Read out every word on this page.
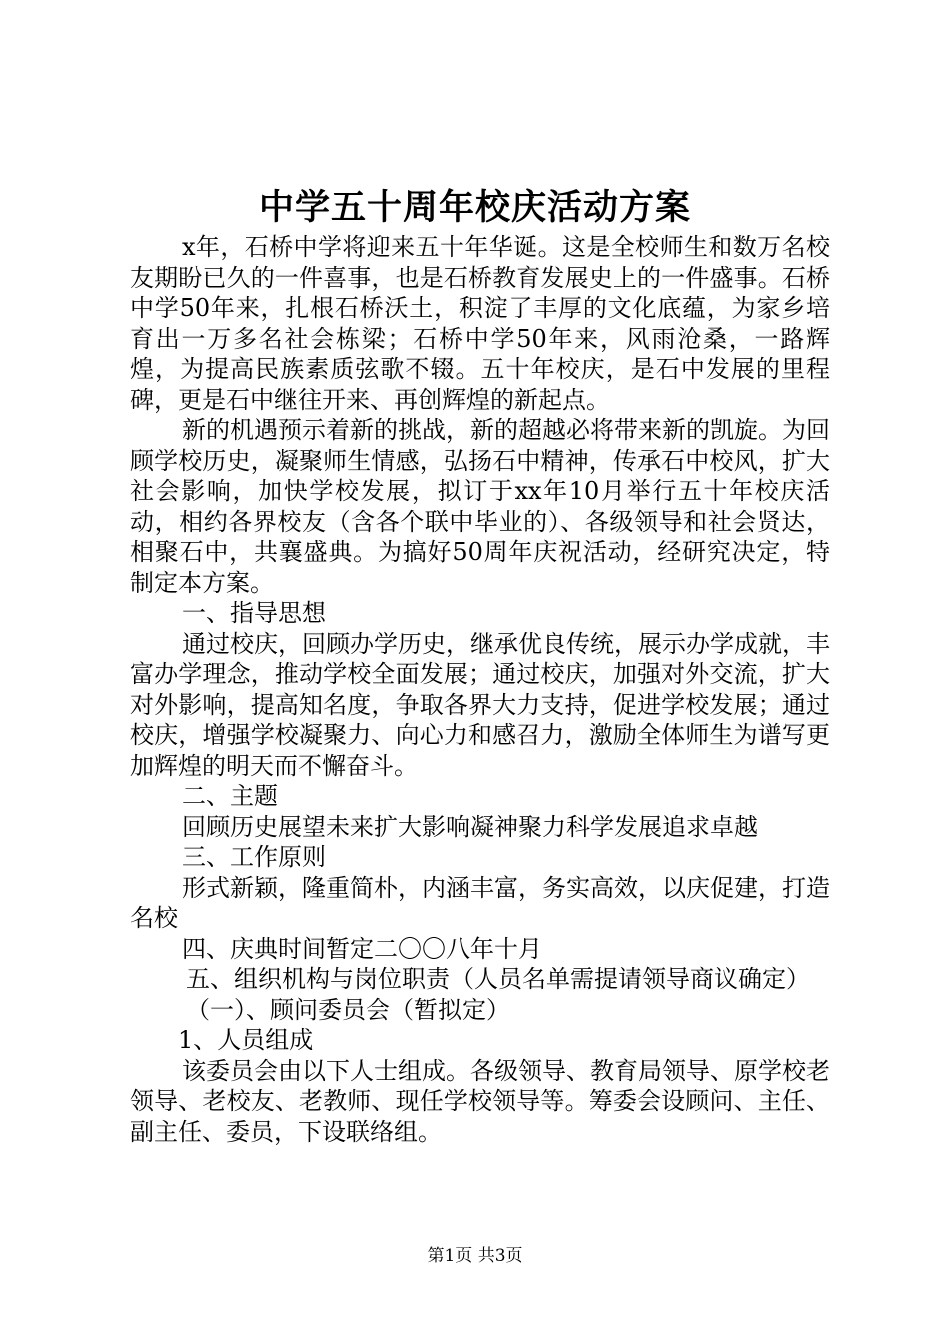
中学五十周年校庆活动方案

x年，石桥中学将迎来五十年华诞。这是全校师生和数万名校友期盼已久的一件喜事，也是石桥教育发展史上的一件盛事。石桥中学50年来，扎根石桥沃土，积淀了丰厚的文化底蕴，为家乡培育出一万多名社会栋梁；石桥中学50年来，风雨沧桑，一路辉煌，为提高民族素质弦歌不辍。五十年校庆，是石中发展的里程碑，更是石中继往开来、再创辉煌的新起点。

新的机遇预示着新的挑战，新的超越必将带来新的凯旋。为回顾学校历史，凝聚师生情感，弘扬石中精神，传承石中校风，扩大社会影响，加快学校发展，拟订于xx年10月举行五十年校庆活动，相约各界校友（含各个联中毕业的）、各级领导和社会贤达，相聚石中，共襄盛典。为搞好50周年庆祝活动，经研究决定，特制定本方案。

一、指导思想

通过校庆，回顾办学历史，继承优良传统，展示办学成就，丰富办学理念，推动学校全面发展；通过校庆，加强对外交流，扩大对外影响，提高知名度，争取各界大力支持，促进学校发展；通过校庆，增强学校凝聚力、向心力和感召力，激励全体师生为谱写更加辉煌的明天而不懈奋斗。

二、主题

回顾历史展望未来扩大影响凝神聚力科学发展追求卓越

三、工作原则

形式新颖，隆重简朴，内涵丰富，务实高效，以庆促建，打造名校

四、庆典时间暂定二〇〇八年十月

五、组织机构与岗位职责（人员名单需提请领导商议确定）

（一）、顾问委员会（暂拟定）

1、人员组成

该委员会由以下人士组成。各级领导、教育局领导、原学校老领导、老校友、老教师、现任学校领导等。筹委会设顾问、主任、副主任、委员，下设联络组。

第1页 共3页
